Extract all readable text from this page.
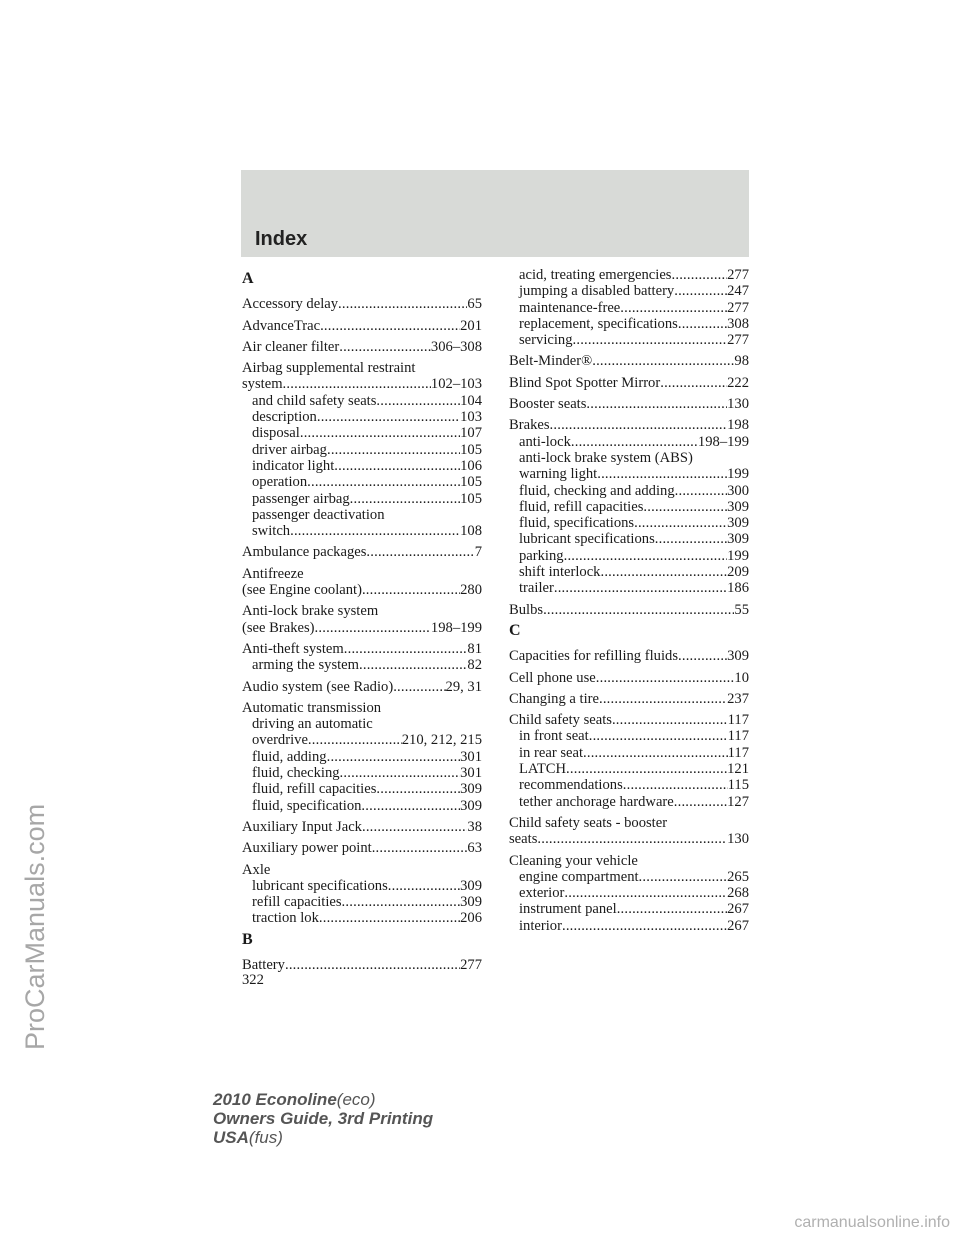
Index
A
Accessory delay .....	65
AdvanceTrac .....	201
Air cleaner filter .....	306–308
Airbag supplemental restraint
system .....	102–103
and child safety seats .....	104
description .....	103
disposal .....	107
driver airbag .....	105
indicator light .....	106
operation .....	105
passenger airbag .....	105
passenger deactivation
switch .....	108
Ambulance packages .....	7
Antifreeze
(see Engine coolant) .....	280
Anti-lock brake system
(see Brakes) .....	198–199
Anti-theft system .....	81
arming the system .....	82
Audio system (see Radio) .....	29, 31
Automatic transmission
driving an automatic
overdrive .....	210, 212, 215
fluid, adding .....	301
fluid, checking .....	301
fluid, refill capacities .....	309
fluid, specification .....	309
Auxiliary Input Jack .....	38
Auxiliary power point .....	63
Axle
lubricant specifications .....	309
refill capacities .....	309
traction lok .....	206
B
Battery .....	277
acid, treating emergencies .....	277
jumping a disabled battery .....	247
maintenance-free .....	277
replacement, specifications .....	308
servicing .....	277
Belt-Minder® .....	98
Blind Spot Spotter Mirror .....	222
Booster seats .....	130
Brakes .....	198
anti-lock .....	198–199
anti-lock brake system (ABS)
warning light .....	199
fluid, checking and adding .....	300
fluid, refill capacities .....	309
fluid, specifications .....	309
lubricant specifications .....	309
parking .....	199
shift interlock .....	209
trailer .....	186
Bulbs .....	55
C
Capacities for refilling fluids .....	309
Cell phone use .....	10
Changing a tire .....	237
Child safety seats .....	117
in front seat .....	117
in rear seat .....	117
LATCH .....	121
recommendations .....	115
tether anchorage hardware .....	127
Child safety seats - booster
seats .....	130
Cleaning your vehicle
engine compartment .....	265
exterior .....	268
instrument panel .....	267
interior .....	267
322
ProCarManuals.com
2010 Econoline(eco)
Owners Guide, 3rd Printing
USA(fus)
carmanualsonline.info
